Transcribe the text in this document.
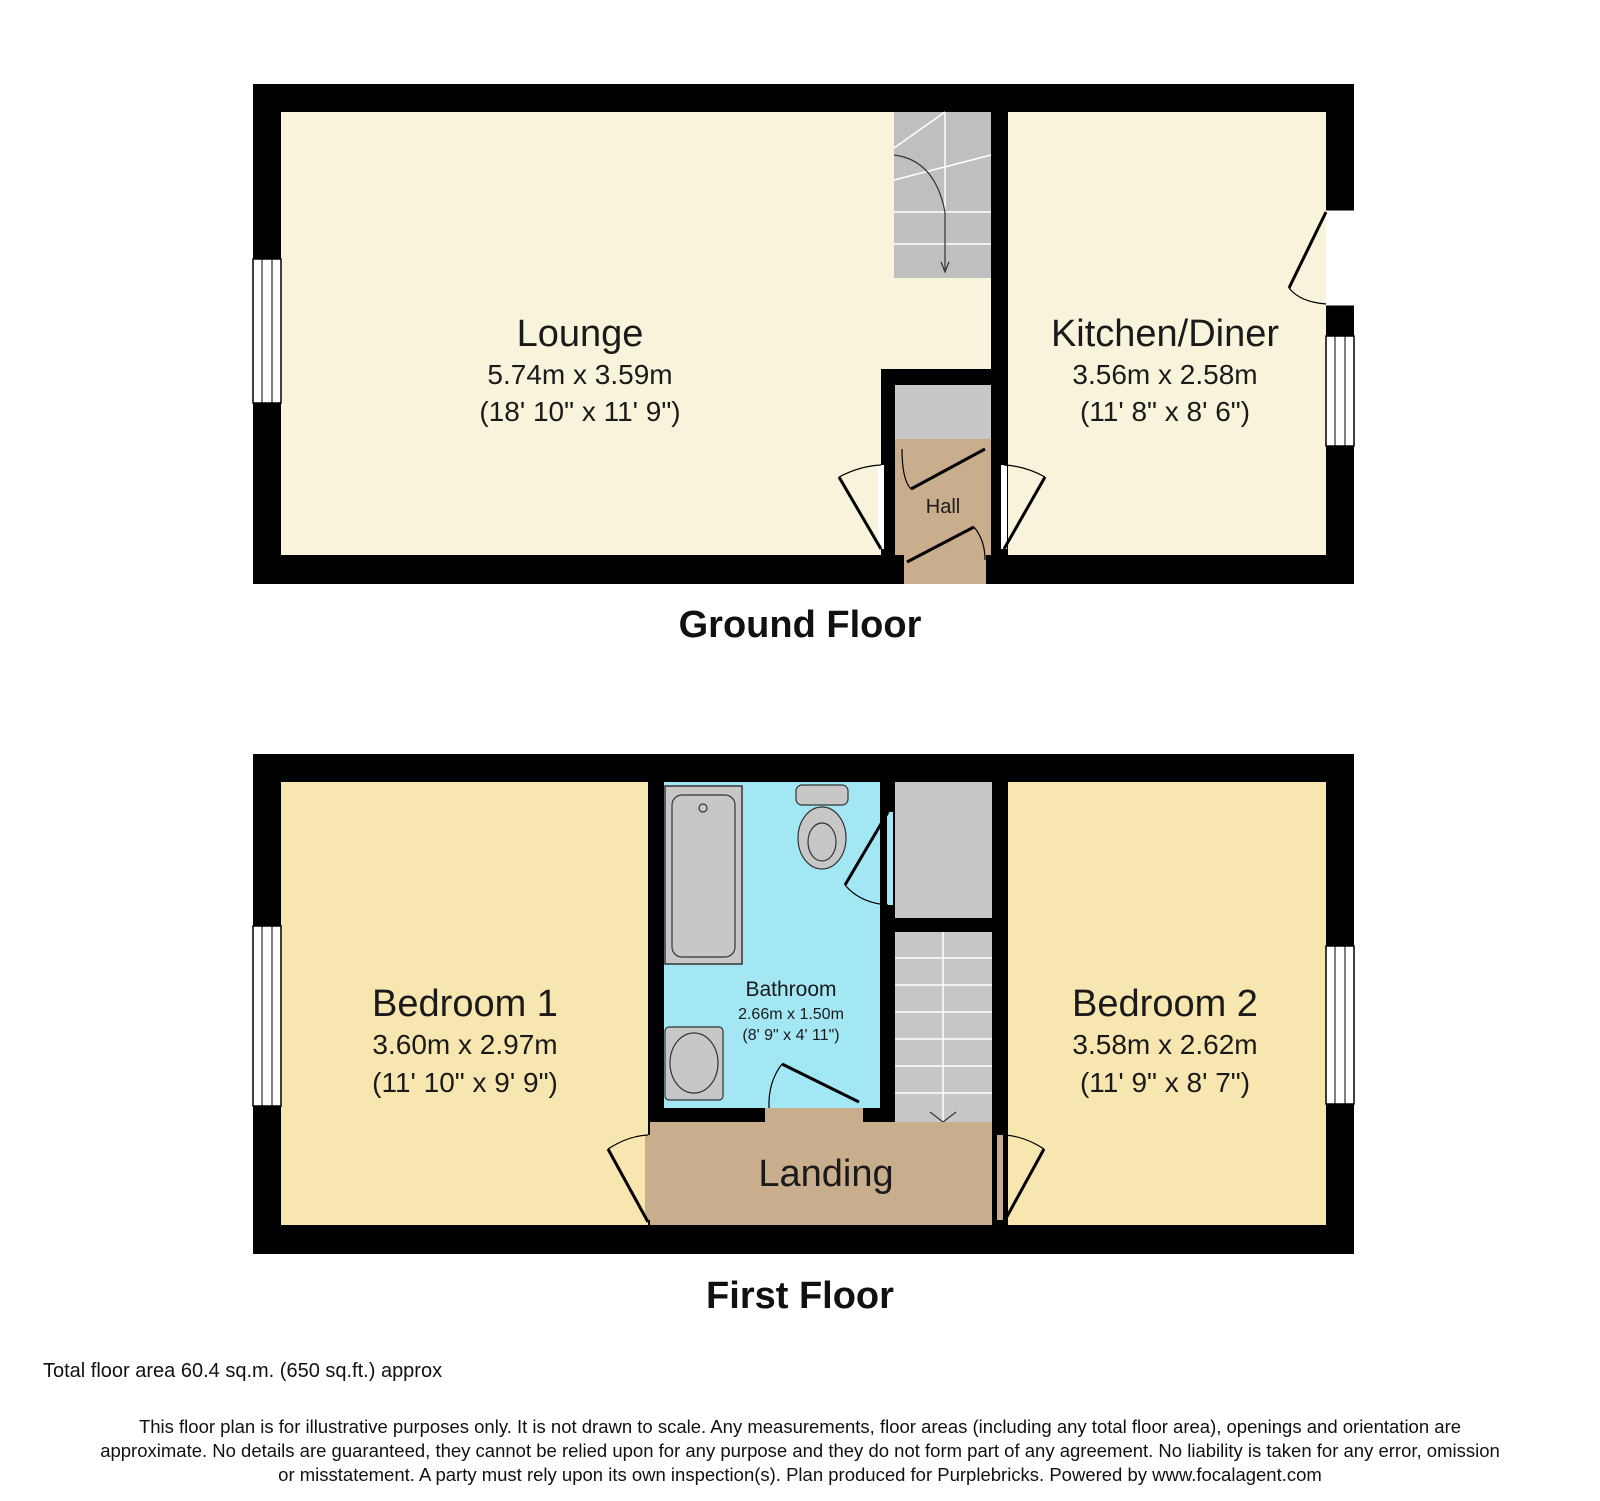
Lounge
5.74m x 3.59m
(18' 10" x 11' 9")
Kitchen/Diner
3.56m x 2.58m
(11' 8" x 8' 6")
Hall
Bedroom 1
3.60m x 2.97m
(11' 10" x 9' 9")
Bathroom
2.66m x 1.50m
(8' 9" x 4' 11")
Bedroom 2
3.58m x 2.62m
(11' 9" x 8' 7")
Landing
Ground Floor
First Floor
Total floor area 60.4 sq.m. (650 sq.ft.) approx
This floor plan is for illustrative purposes only. It is not drawn to scale. Any measurements, floor areas (including any total floor area), openings and orientation are
approximate. No details are guaranteed, they cannot be relied upon for any purpose and they do not form part of any agreement. No liability is taken for any error, omission
or misstatement. A party must rely upon its own inspection(s). Plan produced for Purplebricks. Powered by www.focalagent.com
